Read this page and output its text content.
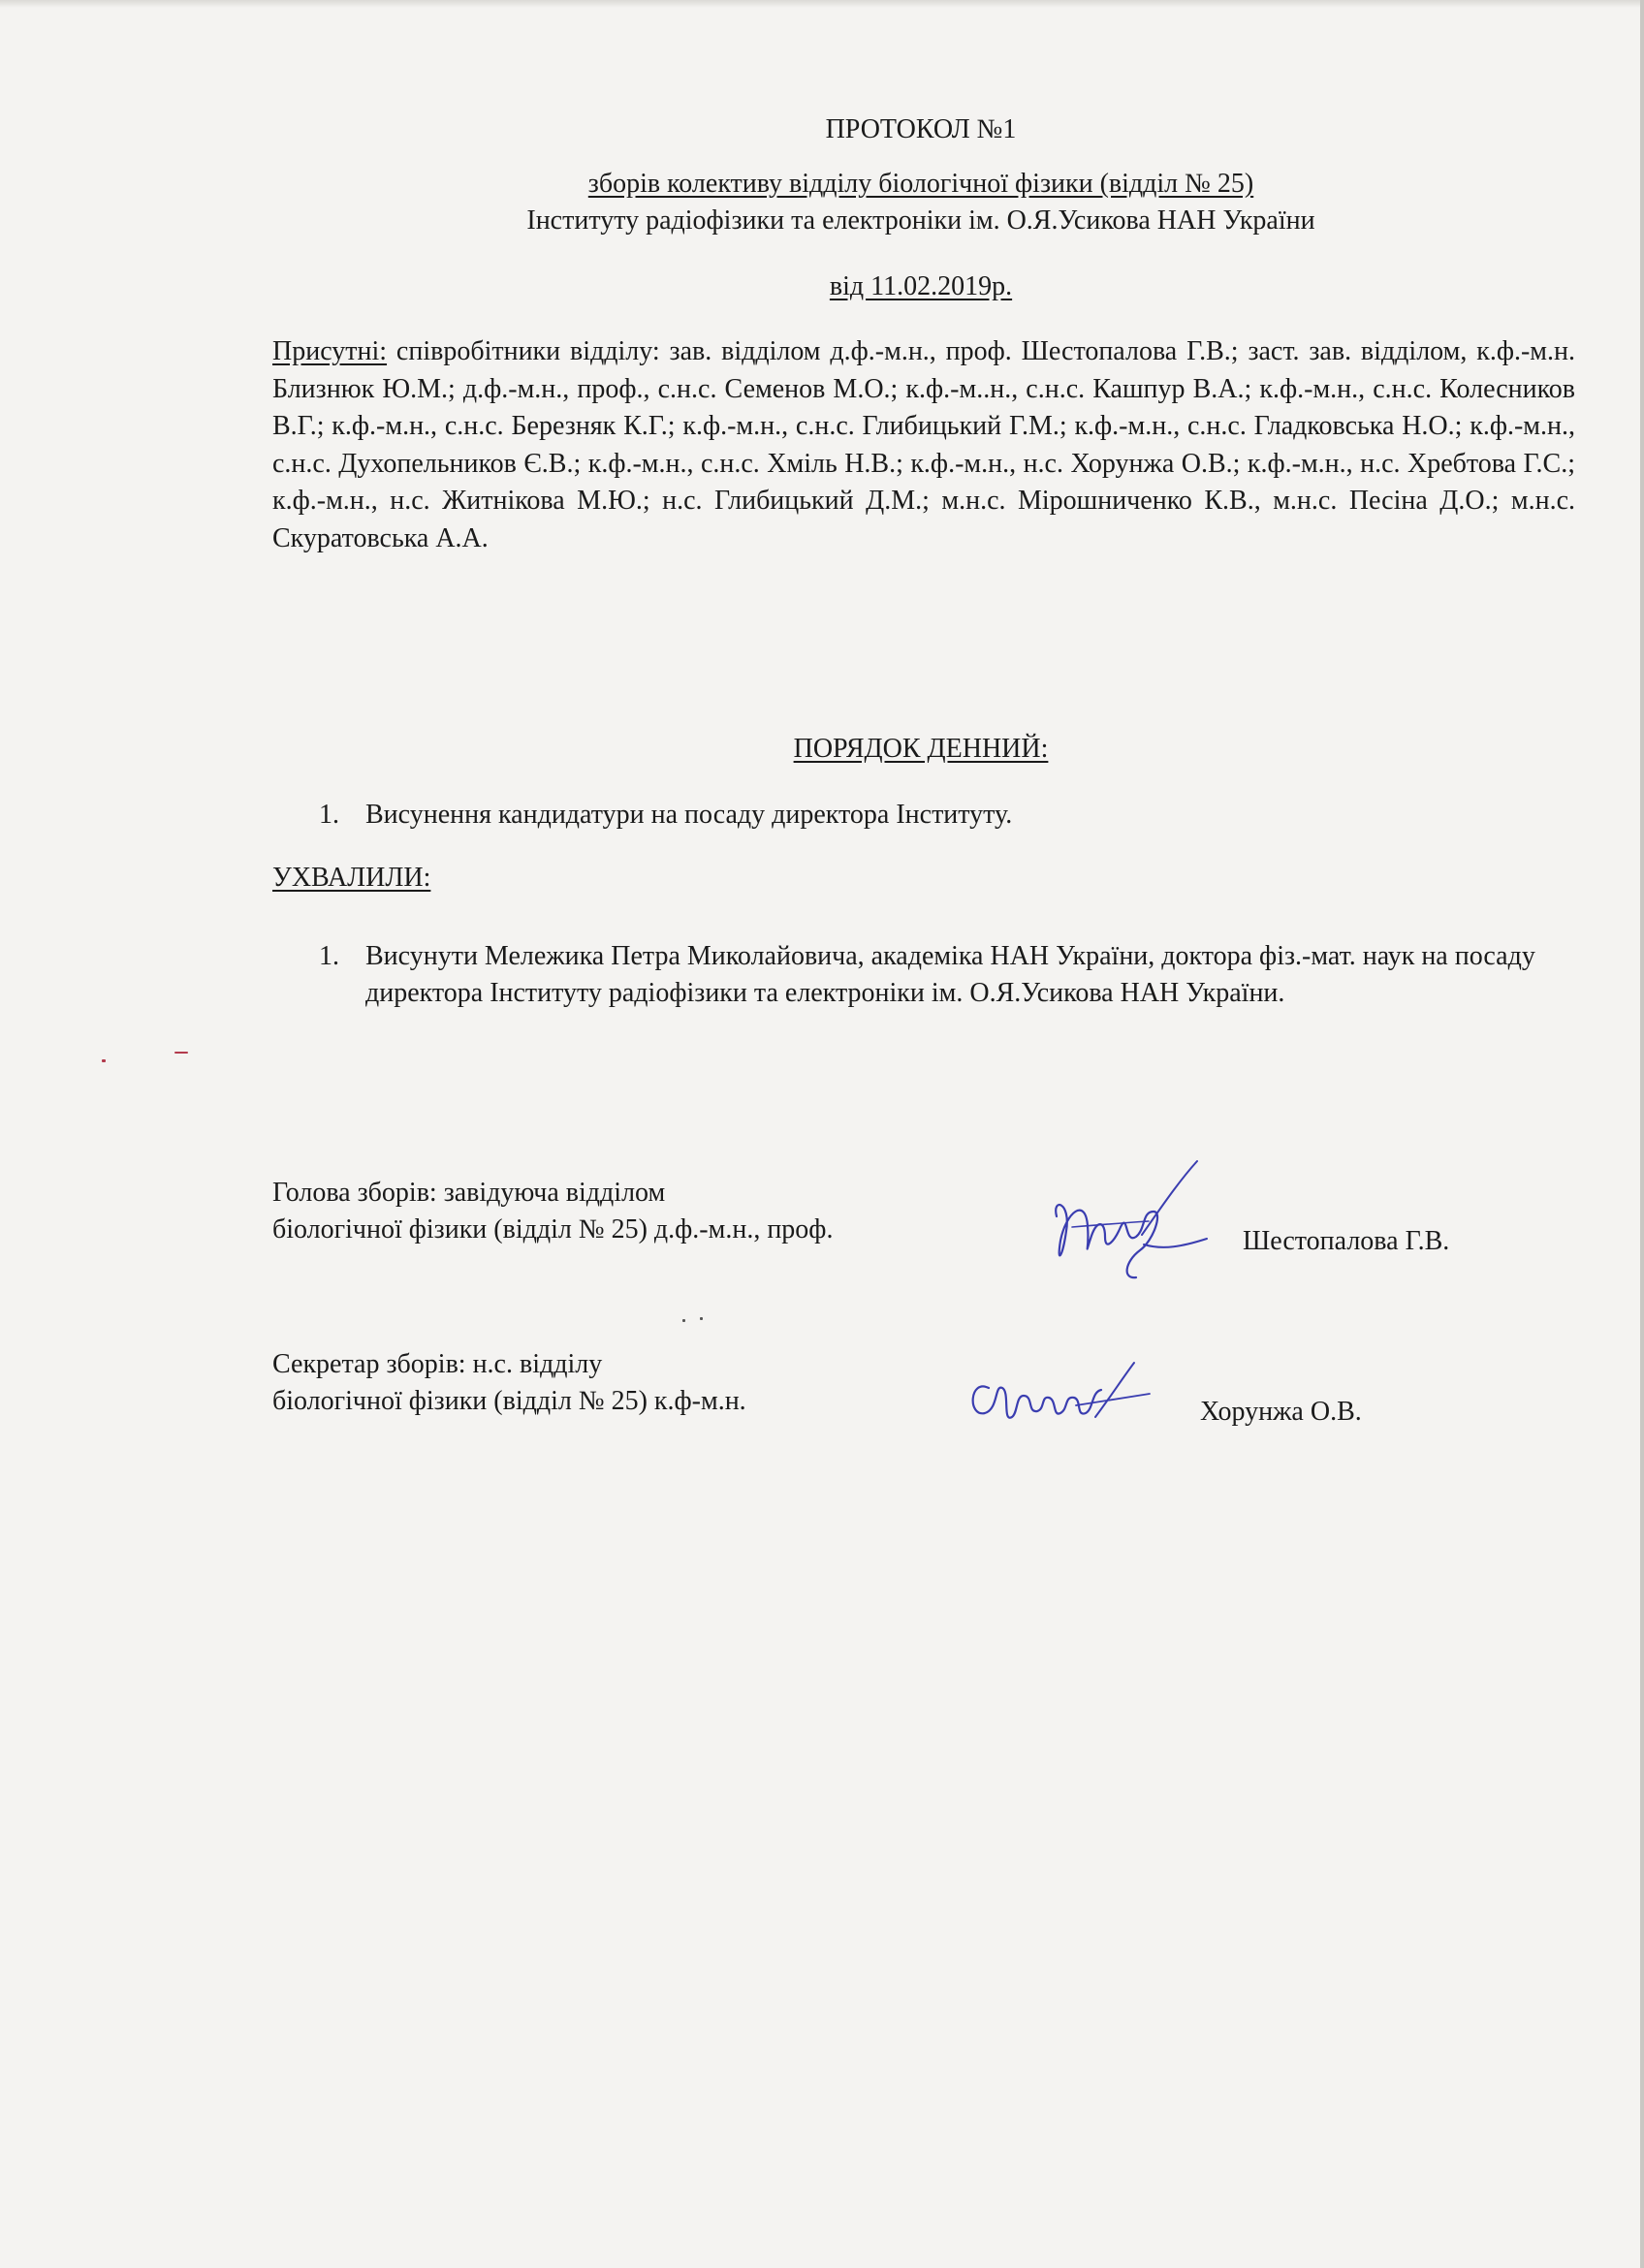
ПРОТОКОЛ №1
зборів колективу відділу біологічної фізики (відділ № 25)
Інституту радіофізики та електроніки ім. О.Я.Усикова НАН України
від 11.02.2019р.
Присутні: співробітники відділу: зав. відділом д.ф.-м.н., проф. Шестопалова Г.В.; заст. зав. відділом, к.ф.-м.н. Близнюк Ю.М.; д.ф.-м.н., проф., с.н.с. Семенов М.О.; к.ф.-м..н., с.н.с. Кашпур В.А.; к.ф.-м.н., с.н.с. Колесников В.Г.; к.ф.-м.н., с.н.с. Березняк К.Г.; к.ф.-м.н., с.н.с. Глибицький Г.М.; к.ф.-м.н., с.н.с. Гладковська Н.О.; к.ф.-м.н., с.н.с. Духопельников Є.В.; к.ф.-м.н., с.н.с. Хміль Н.В.; к.ф.-м.н., н.с. Хорунжа О.В.; к.ф.-м.н., н.с. Хребтова Г.С.; к.ф.-м.н., н.с. Житнікова М.Ю.; н.с. Глибицький Д.М.; м.н.с. Мірошниченко К.В., м.н.с. Песіна Д.О.; м.н.с. Скуратовська А.А.
ПОРЯДОК ДЕННИЙ:
1. Висунення кандидатури на посаду директора Інституту.
УХВАЛИЛИ:
1. Висунути Мележика Петра Миколайовича, академіка НАН України, доктора фіз.-мат. наук на посаду директора Інституту радіофізики та електроніки ім. О.Я.Усикова НАН України.
Голова зборів: завідуюча відділом
біологічної фізики (відділ № 25) д.ф.-м.н., проф.	Шестопалова Г.В.
Секретар зборів: н.с. відділу
біологічної фізики (відділ № 25) к.ф-м.н.	Хорунжа О.В.
